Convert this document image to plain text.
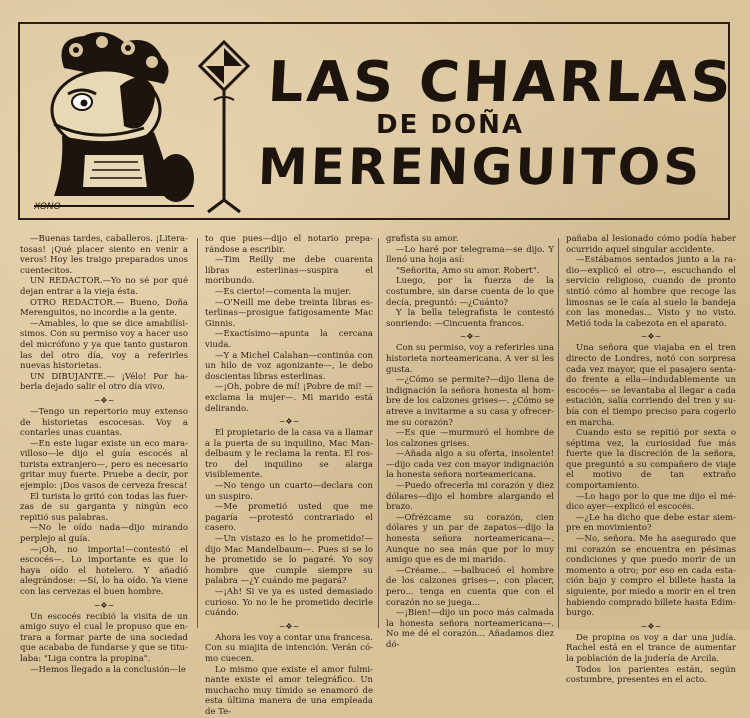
LAS CHARLAS
DE DOÑA
MERENGUITOS
XONO

—Buenas tardes, caballeros. ¡Literatosas! ¡Qué placer siento en venir a veros! Hoy les traigo preparados unos cuentecitos.

UN REDACTOR.—Yo no sé por qué dejan entrar a la vieja ésta.

OTRO REDACTOR.— Bueno, Doña Merenguitos, no incordie a la gente.

—Amables, lo que se dice amabilísisimos. Con su permiso voy a hacer uso del micrófono y ya que tanto gustaron las del otro día, voy a referirles nuevas historietas.

UN DIBUJANTE.— ¡Vélo! Por haberla dejado salir el otro día vivo.

~❖~

—Tengo un repertorio muy extenso de historietas escocesas. Voy a contarles unas cuantas.

—En este lugar existe un eco maravilloso—le dijo el guía escocés al turista extranjero—, pero es necesario gritar muy fuerte. Pruebe a decir, por ejemplo: ¡Dos vasos de cerveza fresca!

El turista lo gritó con todas las fuerzas de su garganta y ningún eco repitió sus palabras.

—No le oído nada—dijo mirando perplejo al guía.

—¡Oh, no importa!—contestó el escocés—. Lo importante es que lo haya oído el hotelero. Y añadió alegrándose: —Sí, lo ha oído. Ya viene con las cervezas el buen hombre.

~❖~

Un escocés recibió la visita de un amigo suyo el cual le propuso que entrara a formar parte de una sociedad que acababa de fundarse y que se titulaba: "Liga contra la propina".

—Hemos llegado a la conclusión—le

to que pues—dijo el notario preparándose a escribir.

—Tim Reilly me debe cuarenta libras esterlinas—suspira el moribundo.

—Es cierto!—comenta la mujer.

—O'Neill me debe treinta libras esterlinas—prosigue fatigosamente Mac Ginnis.

—Exactísimo—apunta la cercana viuda.

—Y a Michel Calahan—continúa con un hilo de voz agonizante—, le debo doscientas libras esterlinas.

—¡Oh, pobre de mí! ¡Pobre de mí! —exclama la mujer—. Mi marido está delirando.

~❖~

El propietario de la casa va a llamar a la puerta de su inquilino, Mac Mandelbaum y le reclama la renta. El rostro del inquilino se alarga visiblemente.

—No tengo un cuarto—declara con un suspiro.

—Me prometió usted que me pagaría —protestó contrariado el casero.

—Un vistazo es lo he prometido!— dijo Mac Mandelbaum—. Pues si se lo he prometido se lo pagaré. Yo soy hombre que cumple siempre su palabra —¿Y cuándo me pagará?

—¡Ah! Si ve ya es usted demasiado curioso. Yo no le he prometido decirle cuándo.

~❖~

Ahora les voy a contar una francesa. Con su miajita de intención. Verán cómo cuecen.

Lo mismo que existe el amor fulminante existe el amor telegráfico. Un muchacho muy tímido se enamoró de esta última manera de una empleada de Te-

grafista su amor.

—Lo haré por telegrama—se dijo. Y llenó una hoja así:

"Señorita, Amo su amor. Robert".

Luego, por la fuerza de la costumbre, sin darse cuenta de lo que decía, preguntó: —¿Cuánto?

Y la bella telegrafista le contestó sonriendo: —Cincuenta francos.

~❖~

Con su permiso, voy a referirles una historieta norteamericana. A ver si les gusta.

—¿Cómo se permite?—dijo llena de indignación la señora honesta al hombre de los calzones grises—. ¿Cómo se atreve a invitarme a su casa y ofrecerme su corazón?

—Es que —murmuró el hombre de los calzones grises.

—Añada algo a su oferta, insolente! —dijo cada vez con mayor indignación la honesta señora norteamericana.

—Puedo ofrecerla mi corazón y diez dólares—dijo el hombre alargando el brazo.

—Ofrézcame su corazón, cien dólares y un par de zapatos—dijo la honesta señora norteamericana—. Aunque no sea más que por lo muy amigo que es de mi marido.

—Créame... —balbuceó el hombre de los calzones grises—, con placer, pero... tenga en cuenta que con el corazón no se juega...

—¡Bien!—dijo un poco más calmada la honesta señora norteamericana—. No me dé el corazón... Añadamos diez dó-

pañaba al lesionado cómo podía haber ocurrido aquel singular accidente.

—Estábamos sentados junto a la radio—explicó el otro—, escuchando el servicio religioso, cuando de pronto sintió cómo al hombre que recoge las limosnas se le caía al suelo la bandeja con las monedas... Visto y no visto. Metió toda la cabezota en el aparato.

~❖~

Una señora que viajaba en el tren directo de Londres, notó con sorpresa cada vez mayor, que el pasajero sentado frente a ella—indudablemente un escocés— se levantaba al llegar a cada estación, salía corriendo del tren y subía con el tiempo preciso para cogerlo en marcha.

Cuando esto se repitió por sexta o séptima vez, la curiosidad fue más fuerte que la discreción de la señora, que preguntó a su compañero de viaje el motivo de tan extraño comportamiento.

—Lo hago por lo que me dijo el médico ayer—explicó el escocés.

—¿Le ha dicho que debe estar siempre en movimiento?

—No, señora. Me ha asegurado que mi corazón se encuentra en pésimas condiciones y que puedo morir de un momento a otro; por eso en cada estación bajo y compro el billete hasta la siguiente, por miedo a morir en el tren habiendo comprado billete hasta Edimburgo.

~❖~

De propina os voy a dar una judía. Rachel está en el trance de aumentar la población de la judería de Arcila.

Todos los parientes están, según costumbre, presentes en el acto.
